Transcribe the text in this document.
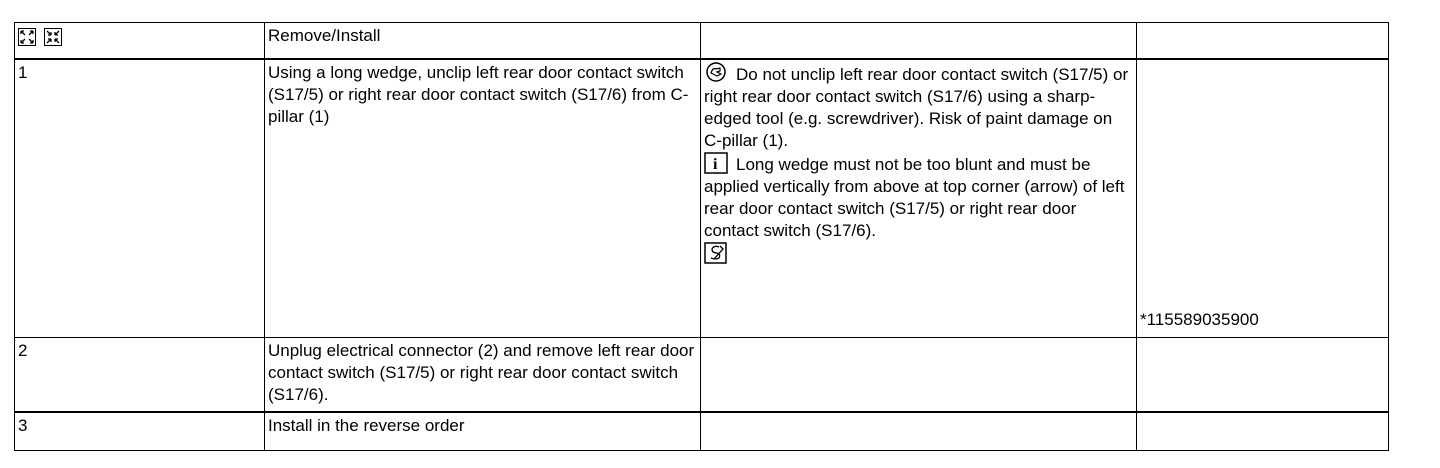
	Remove/Install		
1	Using a long wedge, unclip left rear door contact switch (S17/5) or right rear door contact switch (S17/6) from C-pillar (1)	Do not unclip left rear door contact switch (S17/5) or right rear door contact switch (S17/6) using a sharp-edged tool (e.g. screwdriver). Risk of paint damage on C-pillar (1).
i Long wedge must not be too blunt and must be applied vertically from above at top corner (arrow) of left rear door contact switch (S17/5) or right rear door contact switch (S17/6).	*115589035900

2	Unplug electrical connector (2) and remove left rear door contact switch (S17/5) or right rear door contact switch (S17/6).		
3	Install in the reverse order		
